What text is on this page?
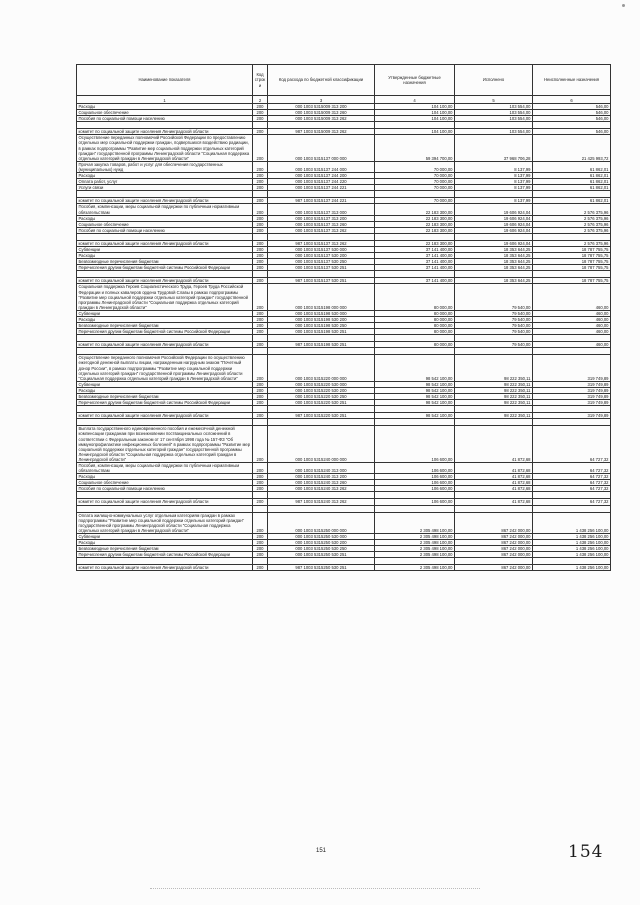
Наименование показателя	Код строк и	Код расхода по бюджетной классификации	Утвержденные бюджетные назначения	Исполнено	Неисполненные назначения
1	2	3	4	5	6
Расходы	200	000 1003 5315009 313 200	104 100,00	103 554,00	546,00
Социальное обеспечение	200	000 1003 5315009 313 260	104 100,00	103 554,00	546,00
Пособия по социальной помощи населению	200	000 1003 5315009 313 262	104 100,00	103 554,00	546,00

комитет по социальной защите населения Ленинградской области	200	987 1003 5315009 313 262	104 100,00	103 554,00	546,00
Осуществление переданных полномочий Российской Федерации по предоставлению отдельных мер социальной поддержки граждан, подвергшихся воздействию радиации, в рамках подпрограммы "Развитие мер социальной поддержки отдельных категорий граждан" государственной программы Ленинградской области "Социальная поддержка отдельных категорий граждан в Ленинградской области"	200	000 1003 5315137 000 000	59 394 700,00	37 968 706,28	21 425 993,72
Прочая закупка товаров, работ и услуг для обеспечения государственных (муниципальных) нужд	200	000 1003 5315137 244 000	70 000,00	8 137,99	61 862,01
Расходы	200	000 1003 5315137 244 200	70 000,00	8 137,99	61 862,01
Оплата работ, услуг	200	000 1003 5315137 244 220	70 000,00	8 137,99	61 862,01
Услуги связи	200	000 1003 5315137 244 221	70 000,00	8 137,99	61 862,01

комитет по социальной защите населения Ленинградской области	200	987 1003 5315137 244 221	70 000,00	8 137,99	61 862,01
Пособия, компенсации, меры социальной поддержки по публичным нормативным обязательствам	200	000 1003 5315137 313 000	22 183 300,00	19 606 924,04	2 576 375,96
Расходы	200	000 1003 5315137 313 200	22 183 300,00	19 606 924,04	2 576 375,96
Социальное обеспечение	200	000 1003 5315137 313 260	22 183 300,00	19 606 924,04	2 576 375,96
Пособия по социальной помощи населению	200	000 1003 5315137 313 262	22 183 300,00	19 606 924,04	2 576 375,96

комитет по социальной защите населения Ленинградской области	200	987 1003 5315137 313 262	22 183 300,00	19 606 924,04	2 576 375,96
Субвенции	200	000 1003 5315137 530 000	37 141 400,00	18 353 644,25	18 787 755,75
Расходы	200	000 1003 5315137 530 200	37 141 400,00	18 353 644,25	18 787 755,75
Безвозмездные перечисления бюджетам	200	000 1003 5315137 530 250	37 141 400,00	18 353 644,25	18 787 755,75
Перечисления другим бюджетам бюджетной системы Российской Федерации	200	000 1003 5315137 530 251	37 141 400,00	18 353 644,25	18 787 755,75

комитет по социальной защите населения Ленинградской области	200	987 1003 5315137 530 251	37 141 400,00	18 353 644,25	18 787 755,75
Социальная поддержка Героев Социалистического Труда, Героев Труда Российской Федерации и полных кавалеров ордена Трудовой Славы в рамках подпрограммы "Развитие мер социальной поддержки отдельных категорий граждан" государственной программы Ленинградской области "Социальная поддержка отдельных категорий граждан в Ленинградской области"	200	000 1003 5315198 000 000	80 000,00	79 540,00	460,00
Субвенции	200	000 1003 5315198 530 000	80 000,00	79 540,00	460,00
Расходы	200	000 1003 5315198 530 200	80 000,00	79 540,00	460,00
Безвозмездные перечисления бюджетам	200	000 1003 5315198 530 250	80 000,00	79 540,00	460,00
Перечисления другим бюджетам бюджетной системы Российской Федерации	200	000 1003 5315198 530 251	80 000,00	79 540,00	460,00

комитет по социальной защите населения Ленинградской области	200	987 1003 5315198 530 251	80 000,00	79 540,00	460,00

Осуществление переданного полномочия Российской Федерации по осуществлению ежегодной денежной выплаты лицам, награжденным нагрудным знаком "Почетный донор России", в рамках подпрограммы "Развитие мер социальной поддержки отдельных категорий граждан" государственной программы Ленинградской области "Социальная поддержка отдельных категорий граждан в Ленинградской области"	200	000 1003 5315220 000 000	98 542 100,00	98 222 350,11	319 749,89
Субвенции	200	000 1003 5315220 530 000	98 542 100,00	98 222 350,11	319 749,89
Расходы	200	000 1003 5315220 530 200	98 542 100,00	98 222 350,11	319 749,89
Безвозмездные перечисления бюджетам	200	000 1003 5315220 530 250	98 542 100,00	98 222 350,11	319 749,89
Перечисления другим бюджетам бюджетной системы Российской Федерации	200	000 1003 5315220 530 251	98 542 100,00	98 222 350,11	319 749,89

комитет по социальной защите населения Ленинградской области	200	987 1003 5315220 530 251	98 542 100,00	98 222 350,11	319 749,89

Выплата государственного единовременного пособия и ежемесячной денежной компенсации гражданам при возникновении поствакцинальных осложнений в соответствии с Федеральным законом от 17 сентября 1998 года № 157-ФЗ "Об иммунопрофилактике инфекционных болезней" в рамках подпрограммы "Развитие мер социальной поддержки отдельных категорий граждан" государственной программы Ленинградской области "Социальная поддержка отдельных категорий граждан в Ленинградской области"	200	000 1003 5315240 000 000	106 600,00	41 872,68	64 727,32
Пособия, компенсации, меры социальной поддержки по публичным нормативным обязательствам	200	000 1003 5315240 313 000	106 600,00	41 872,68	64 727,32
Расходы	200	000 1003 5315240 313 200	106 600,00	41 872,68	64 727,32
Социальное обеспечение	200	000 1003 5315240 313 260	106 600,00	41 872,68	64 727,32
Пособия по социальной помощи населению	200	000 1003 5315240 313 262	106 600,00	41 872,68	64 727,32

комитет по социальной защите населения Ленинградской области	200	987 1003 5315240 313 262	106 600,00	41 872,68	64 727,32

Оплата жилищно-коммунальных услуг отдельным категориям граждан в рамках подпрограммы "Развитие мер социальной поддержки отдельных категорий граждан" государственной программы Ленинградской области "Социальная поддержка отдельных категорий граждан в Ленинградской области"	200	000 1003 5315250 000 000	2 305 498 100,00	867 242 000,00	1 438 256 100,00
Субвенции	200	000 1003 5315250 530 000	2 305 498 100,00	867 242 000,00	1 438 256 100,00
Расходы	200	000 1003 5315250 530 200	2 305 498 100,00	867 242 000,00	1 438 256 100,00
Безвозмездные перечисления бюджетам	200	000 1003 5315250 530 250	2 305 498 100,00	867 242 000,00	1 438 256 100,00
Перечисления другим бюджетам бюджетной системы Российской Федерации	200	000 1003 5315250 530 251	2 305 498 100,00	867 242 000,00	1 438 256 100,00

комитет по социальной защите населения Ленинградской области	200	987 1003 5315250 530 251	2 305 498 100,00	867 242 000,00	1 438 256 100,00
151	154
